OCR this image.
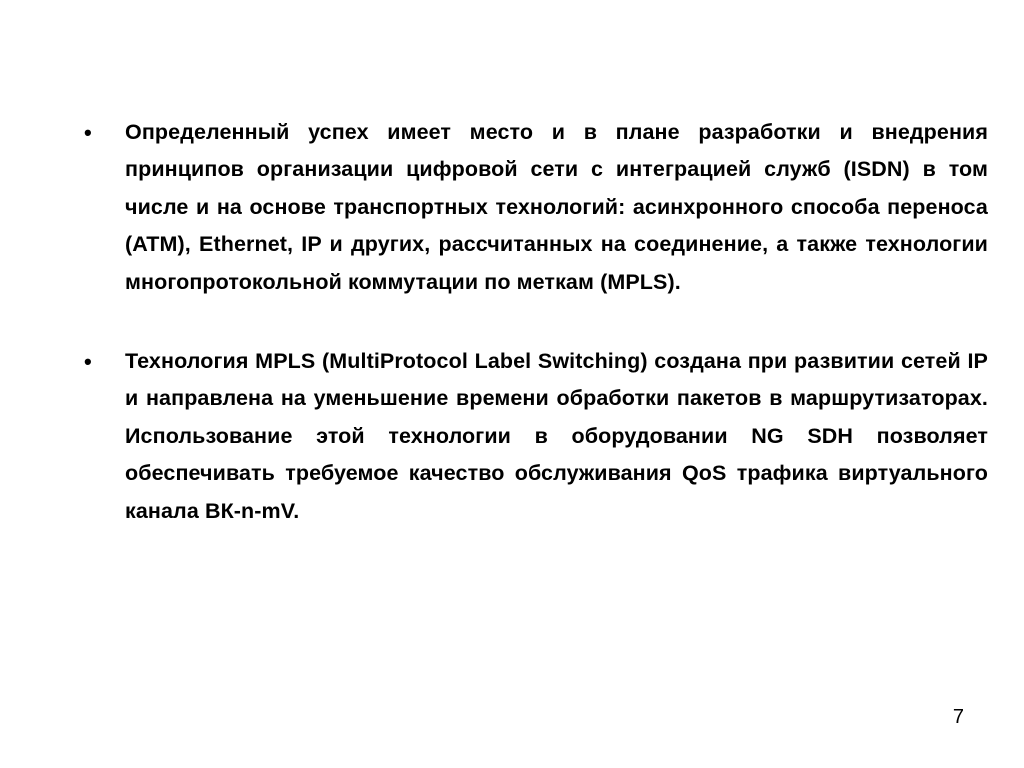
• Определенный успех имеет место и в плане разработки и внедрения принципов организации цифровой сети с интеграцией служб (ISDN) в том числе и на основе транспортных технологий: асинхронного способа переноса (ATM), Ethernet, IP и других, рассчитанных на соединение, а также технологии многопротокольной коммутации по меткам (MPLS).
• Технология MPLS (MultiProtocol Label Switching) создана при развитии сетей IP и направлена на уменьшение времени обработки пакетов в маршрутизаторах. Использование этой технологии в оборудовании NG SDH позволяет обеспечивать требуемое качество обслуживания QoS трафика виртуального канала ВК-n-mV.
7
